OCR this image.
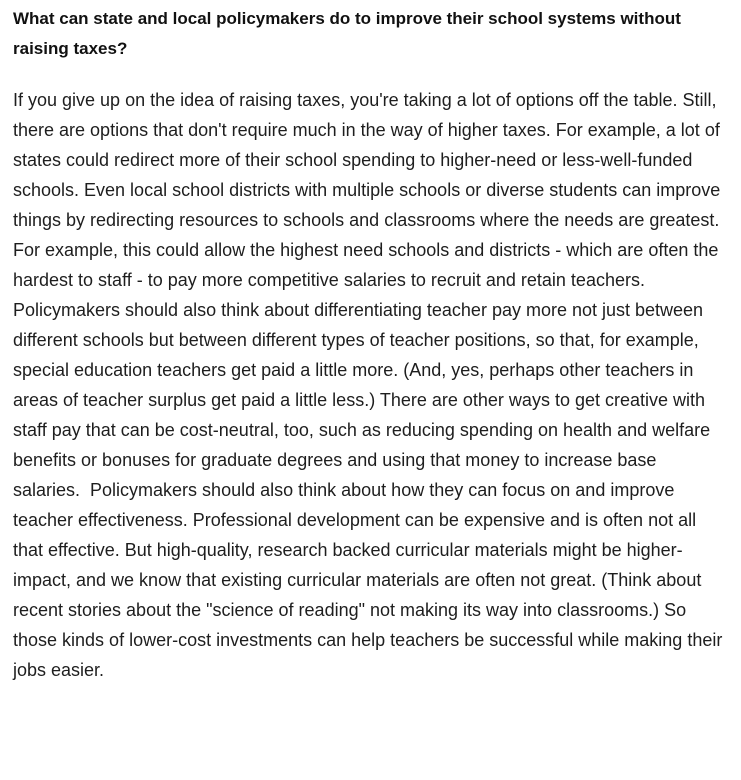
What can state and local policymakers do to improve their school systems without raising taxes?

If you give up on the idea of raising taxes, you're taking a lot of options off the table. Still, there are options that don't require much in the way of higher taxes. For example, a lot of states could redirect more of their school spending to higher-need or less-well-funded schools. Even local school districts with multiple schools or diverse students can improve things by redirecting resources to schools and classrooms where the needs are greatest. For example, this could allow the highest need schools and districts - which are often the hardest to staff - to pay more competitive salaries to recruit and retain teachers. Policymakers should also think about differentiating teacher pay more not just between different schools but between different types of teacher positions, so that, for example, special education teachers get paid a little more. (And, yes, perhaps other teachers in areas of teacher surplus get paid a little less.) There are other ways to get creative with staff pay that can be cost-neutral, too, such as reducing spending on health and welfare benefits or bonuses for graduate degrees and using that money to increase base salaries.  Policymakers should also think about how they can focus on and improve teacher effectiveness. Professional development can be expensive and is often not all that effective. But high-quality, research backed curricular materials might be higher-impact, and we know that existing curricular materials are often not great. (Think about recent stories about the "science of reading" not making its way into classrooms.) So those kinds of lower-cost investments can help teachers be successful while making their jobs easier.
